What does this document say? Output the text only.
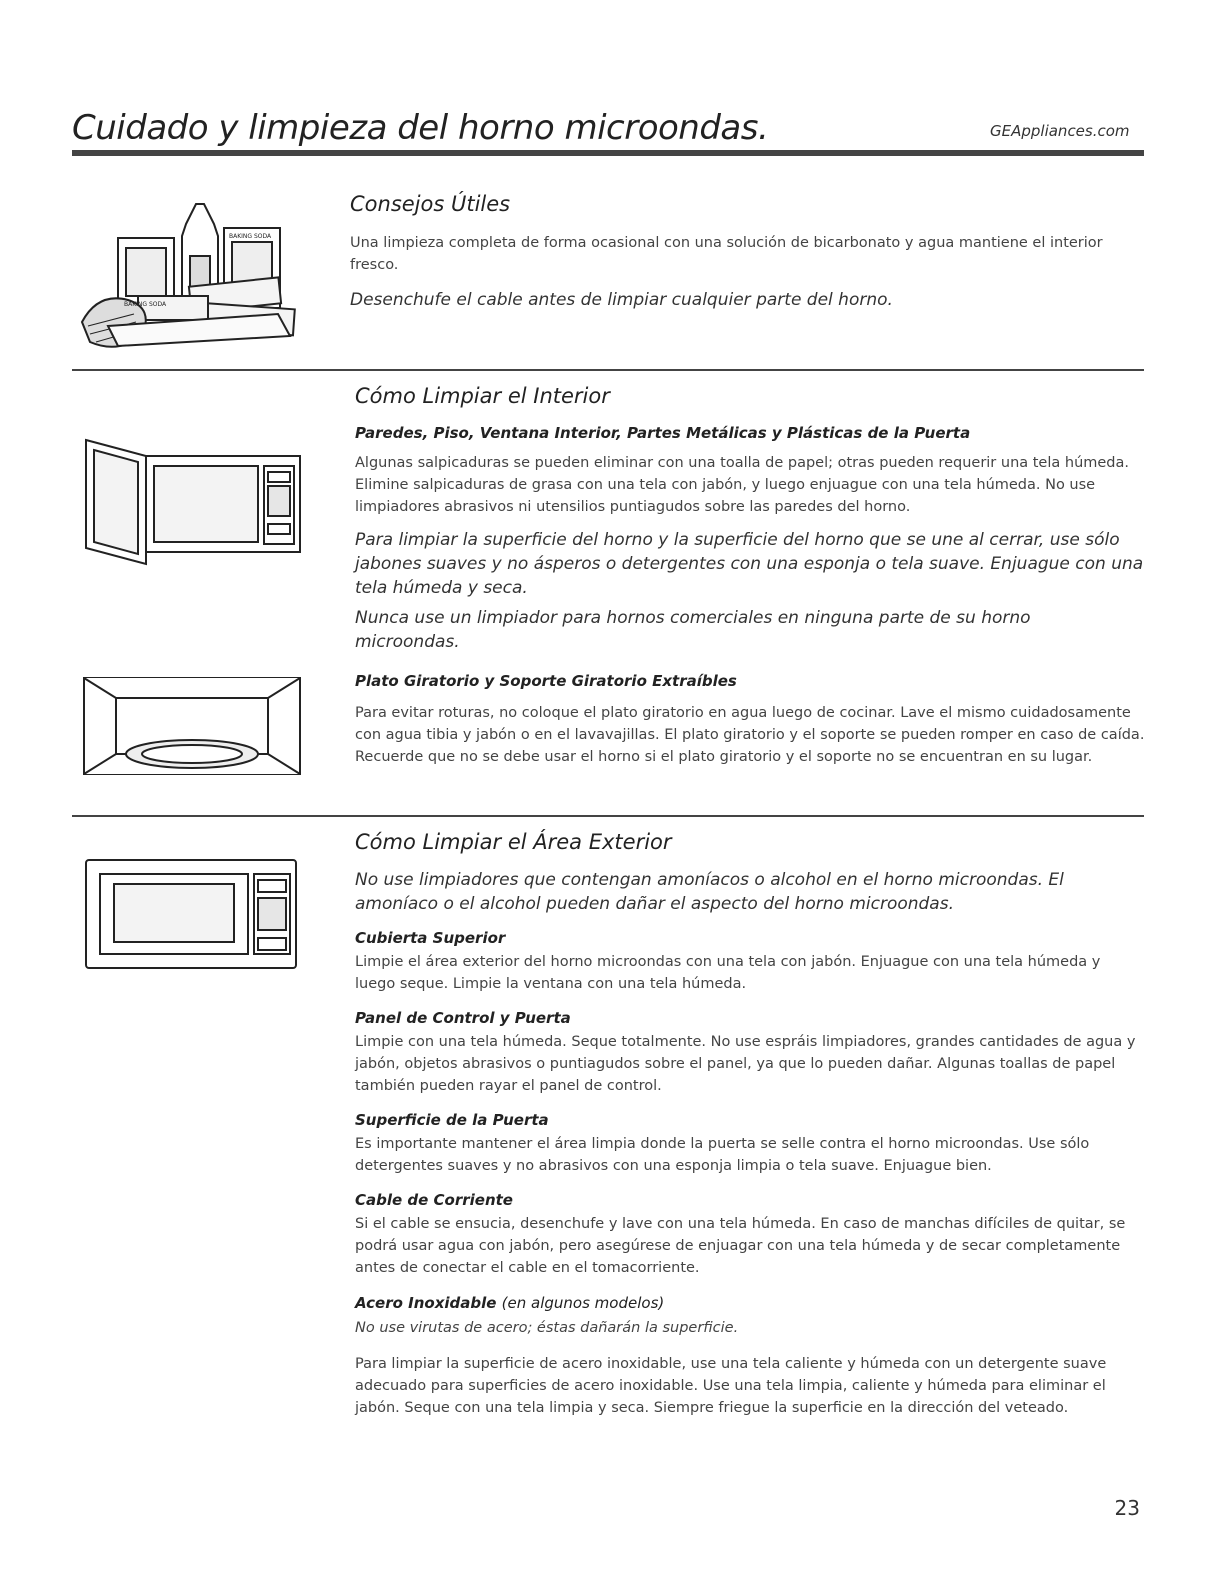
Cuidado y limpieza del horno microondas.	GEAppliances.com
BAKING SODA
BAKING SODA
Consejos Útiles
Una limpieza completa de forma ocasional con una solución de bicarbonato y agua mantiene el interior fresco.
Desenchufe el cable antes de limpiar cualquier parte del horno.
Cómo Limpiar el Interior
Paredes, Piso, Ventana Interior, Partes Metálicas y Plásticas de la Puerta
Algunas salpicaduras se pueden eliminar con una toalla de papel; otras pueden requerir una tela húmeda. Elimine salpicaduras de grasa con una tela con jabón, y luego enjuague con una tela húmeda. No use limpiadores abrasivos ni utensilios puntiagudos sobre las paredes del horno.
Para limpiar la superficie del horno y la superficie del horno que se une al cerrar, use sólo jabones suaves y no ásperos o detergentes con una esponja o tela suave. Enjuague con una tela húmeda y seca.
Nunca use un limpiador para hornos comerciales en ninguna parte de su horno microondas.
Plato Giratorio y Soporte Giratorio Extraíbles
Para evitar roturas, no coloque el plato giratorio en agua luego de cocinar. Lave el mismo cuidadosamente con agua tibia y jabón o en el lavavajillas. El plato giratorio y el soporte se pueden romper en caso de caída. Recuerde que no se debe usar el horno si el plato giratorio y el soporte no se encuentran en su lugar.
Cómo Limpiar el Área Exterior
No use limpiadores que contengan amoníacos o alcohol en el horno microondas. El amoníaco o el alcohol pueden dañar el aspecto del horno microondas.
Cubierta Superior
Limpie el área exterior del horno microondas con una tela con jabón. Enjuague con una tela húmeda y luego seque. Limpie la ventana con una tela húmeda.
Panel de Control y Puerta
Limpie con una tela húmeda. Seque totalmente. No use espráis limpiadores, grandes cantidades de agua y jabón, objetos abrasivos o puntiagudos sobre el panel, ya que lo pueden dañar. Algunas toallas de papel también pueden rayar el panel de control.
Superficie de la Puerta
Es importante mantener el área limpia donde la puerta se selle contra el horno microondas. Use sólo detergentes suaves y no abrasivos con una esponja limpia o tela suave. Enjuague bien.
Cable de Corriente
Si el cable se ensucia, desenchufe y lave con una tela húmeda. En caso de manchas difíciles de quitar, se podrá usar agua con jabón, pero asegúrese de enjuagar con una tela húmeda y de secar completamente antes de conectar el cable en el tomacorriente.
Acero Inoxidable (en algunos modelos)
No use virutas de acero; éstas dañarán la superficie.
Para limpiar la superficie de acero inoxidable, use una tela caliente y húmeda con un detergente suave adecuado para superficies de acero inoxidable. Use una tela limpia, caliente y húmeda para eliminar el jabón. Seque con una tela limpia y seca. Siempre friegue la superficie en la dirección del veteado.
23
